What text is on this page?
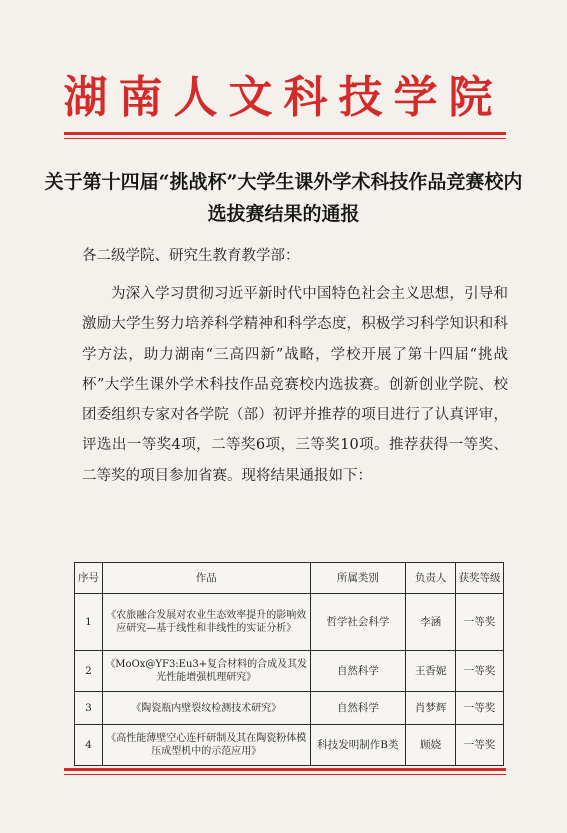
湖南人文科技学院
关于第十四届“挑战杯”大学生课外学术科技作品竞赛校内选拔赛结果的通报
各二级学院、研究生教育教学部：
为深入学习贯彻习近平新时代中国特色社会主义思想，引导和激励大学生努力培养科学精神和科学态度，积极学习科学知识和科学方法，助力湖南“三高四新”战略，学校开展了第十四届“挑战杯”大学生课外学术科技作品竞赛校内选拔赛。创新创业学院、校团委组织专家对各学院（部）初评并推荐的项目进行了认真评审，评选出一等奖4项，二等奖6项，三等奖10项。推荐获得一等奖、二等奖的项目参加省赛。现将结果通报如下：
序号	作品	所属类别	负责人	获奖等级
1	《农旅融合发展对农业生态效率提升的影响效应研究—基于线性和非线性的实证分析》	哲学社会科学	李涵	一等奖
2	《MoOx@YF3:Eu3+复合材料的合成及其发光性能增强机理研究》	自然科学	王香妮	一等奖
3	《陶瓷瓶内壁裂纹检测技术研究》	自然科学	肖梦辉	一等奖
4	《高性能薄壁空心连杆研制及其在陶瓷粉体模压成型机中的示范应用》	科技发明制作B类	顾娆	一等奖
